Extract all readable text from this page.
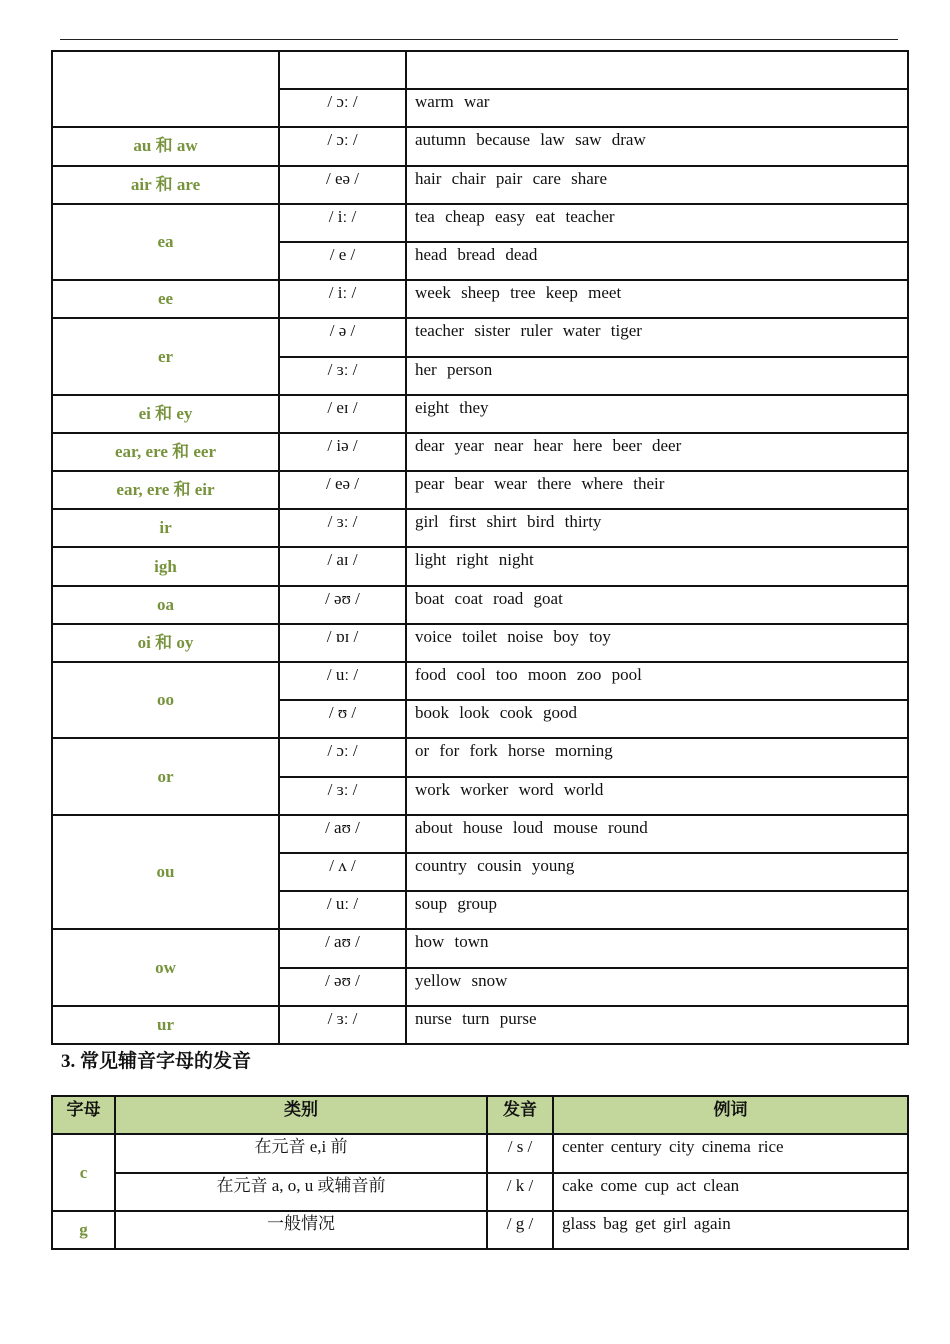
	/ ɔː /	warm war
au 和 aw	/ ɔː /	autumn because law saw draw
air 和 are	/ eə /	hair chair pair care share
ea	/ iː /	tea cheap easy eat teacher
	/ e /	head bread dead
ee	/ iː /	week sheep tree keep meet
er	/ ə /	teacher sister ruler water tiger
	/ ɜː /	her person
ei 和 ey	/ eɪ /	eight they
ear, ere 和 eer	/ iə /	dear year near hear here beer deer
ear, ere 和 eir	/ eə /	pear bear wear there where their
ir	/ ɜː /	girl first shirt bird thirty
igh	/ aɪ /	light right night
oa	/ əʊ /	boat coat road goat
oi 和 oy	/ ɒɪ /	voice toilet noise boy toy
oo	/ uː /	food cool too moon zoo pool
	/ ʊ /	book look cook good
or	/ ɔː /	or for fork horse morning
	/ ɜː /	work worker word world
ou	/ aʊ /	about house loud mouse round
	/ ʌ /	country cousin young
	/ uː /	soup group
ow	/ aʊ /	how town
	/ əʊ /	yellow snow
ur	/ ɜː /	nurse turn purse
3. 常见辅音字母的发音
字母	类别	发音	例词
c	在元音 e,i 前	/ s /	center century city cinema rice
	在元音 a, o, u 或辅音前	/ k /	cake come cup act clean
g	一般情况	/ g /	glass bag get girl again
